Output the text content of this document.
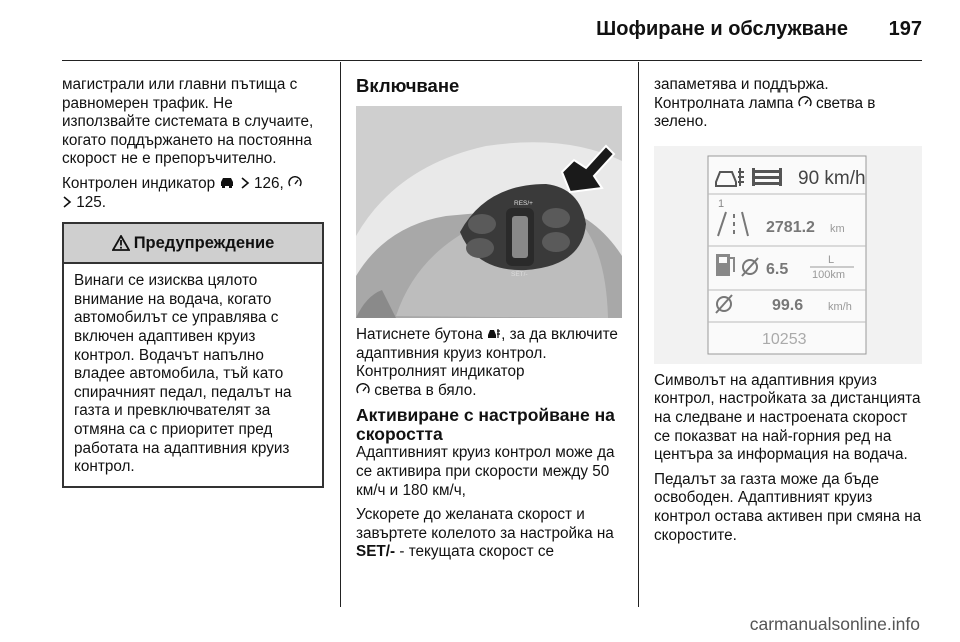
Шофиране и обслужване 197

магистрали или главни пътища с равномерен трафик. Не използвайте системата в случаите, когато поддържането на постоянна скорост не е препоръчително.

Контролен индикатор	126,
125.

Предупреждение
Винаги се изисква цялото внимание на водача, когато автомобилът се управлява с включен адаптивен круиз контрол. Водачът напълно владее автомобила, тъй като спирачният педал, педалът на газта и превключвателят за отмяна са с приоритет пред работата на адаптивния круиз контрол.
Включване
RES/+
SET/-

Натиснете бутона , за да включите адаптивния круиз контрол. Контролният индикатор
светва в бяло.

Активиране с настройване на скоростта

Адаптивният круиз контрол може да се активира при скорости между 50 км/ч и 180 км/ч,

Ускорете до желаната скорост и завъртете колелото за настройка на SET/- - текущата скорост се

запаметява и поддържа. Контролната лампа светва в зелено.

90 km/h
1
2781.2 km
6.5
L
100km
99.6 km/h
10253

Символът на адаптивния круиз контрол, настройката за дистанцията на следване и настроената скорост се показват на най-горния ред на центъра за информация на водача.

Педалът за газта може да бъде освободен. Адаптивният круиз контрол остава активен при смяна на скоростите.

carmanualsonline.info
